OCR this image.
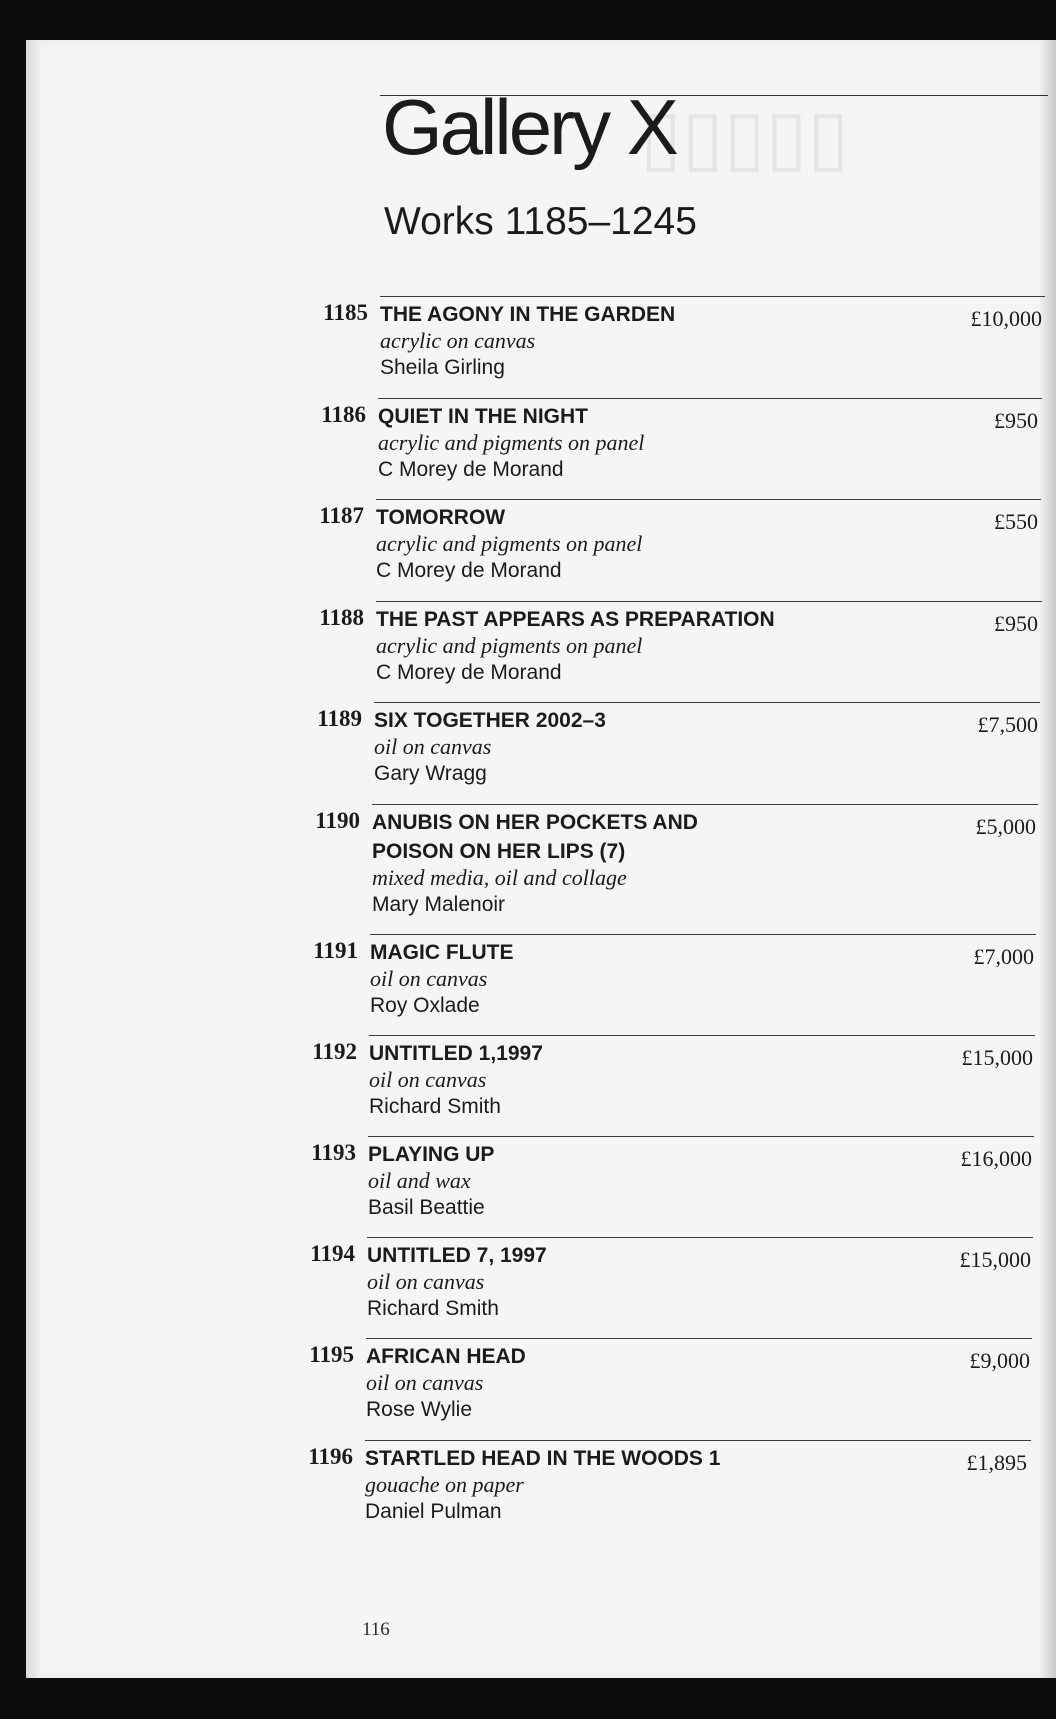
▯▯▯▯▯
Gallery X
Works 1185–1245
1185 THE AGONY IN THE GARDEN
acrylic on canvas
Sheila Girling
£10,000
1186 QUIET IN THE NIGHT
acrylic and pigments on panel
C Morey de Morand
£950
1187 TOMORROW
acrylic and pigments on panel
C Morey de Morand
£550
1188 THE PAST APPEARS AS PREPARATION
acrylic and pigments on panel
C Morey de Morand
£950
1189 SIX TOGETHER 2002–3
oil on canvas
Gary Wragg
£7,500
1190 ANUBIS ON HER POCKETS AND
POISON ON HER LIPS (7)
mixed media, oil and collage
Mary Malenoir
£5,000
1191 MAGIC FLUTE
oil on canvas
Roy Oxlade
£7,000
1192 UNTITLED 1,1997
oil on canvas
Richard Smith
£15,000
1193 PLAYING UP
oil and wax
Basil Beattie
£16,000
1194 UNTITLED 7, 1997
oil on canvas
Richard Smith
£15,000
1195 AFRICAN HEAD
oil on canvas
Rose Wylie
£9,000
1196 STARTLED HEAD IN THE WOODS 1
gouache on paper
Daniel Pulman
£1,895
116
